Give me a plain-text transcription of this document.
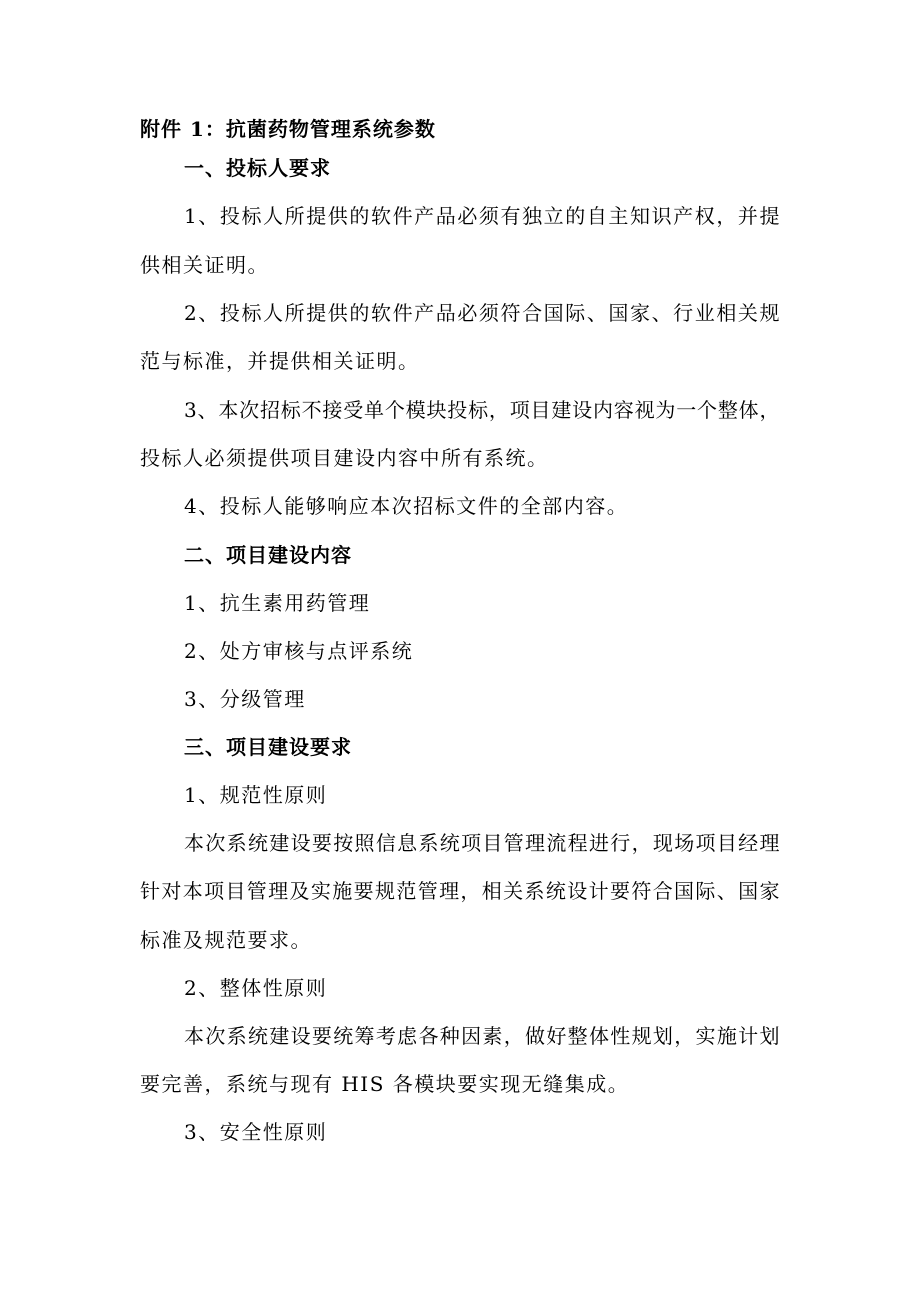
附件 1：抗菌药物管理系统参数

一、投标人要求

1、投标人所提供的软件产品必须有独立的自主知识产权，并提

供相关证明。

2、投标人所提供的软件产品必须符合国际、国家、行业相关规

范与标准，并提供相关证明。

3、本次招标不接受单个模块投标，项目建设内容视为一个整体，

投标人必须提供项目建设内容中所有系统。

4、投标人能够响应本次招标文件的全部内容。

二、项目建设内容

1、抗生素用药管理

2、处方审核与点评系统

3、分级管理

三、项目建设要求

1、规范性原则

本次系统建设要按照信息系统项目管理流程进行，现场项目经理

针对本项目管理及实施要规范管理，相关系统设计要符合国际、国家

标准及规范要求。

2、整体性原则

本次系统建设要统筹考虑各种因素，做好整体性规划，实施计划

要完善，系统与现有 HIS 各模块要实现无缝集成。

3、安全性原则
